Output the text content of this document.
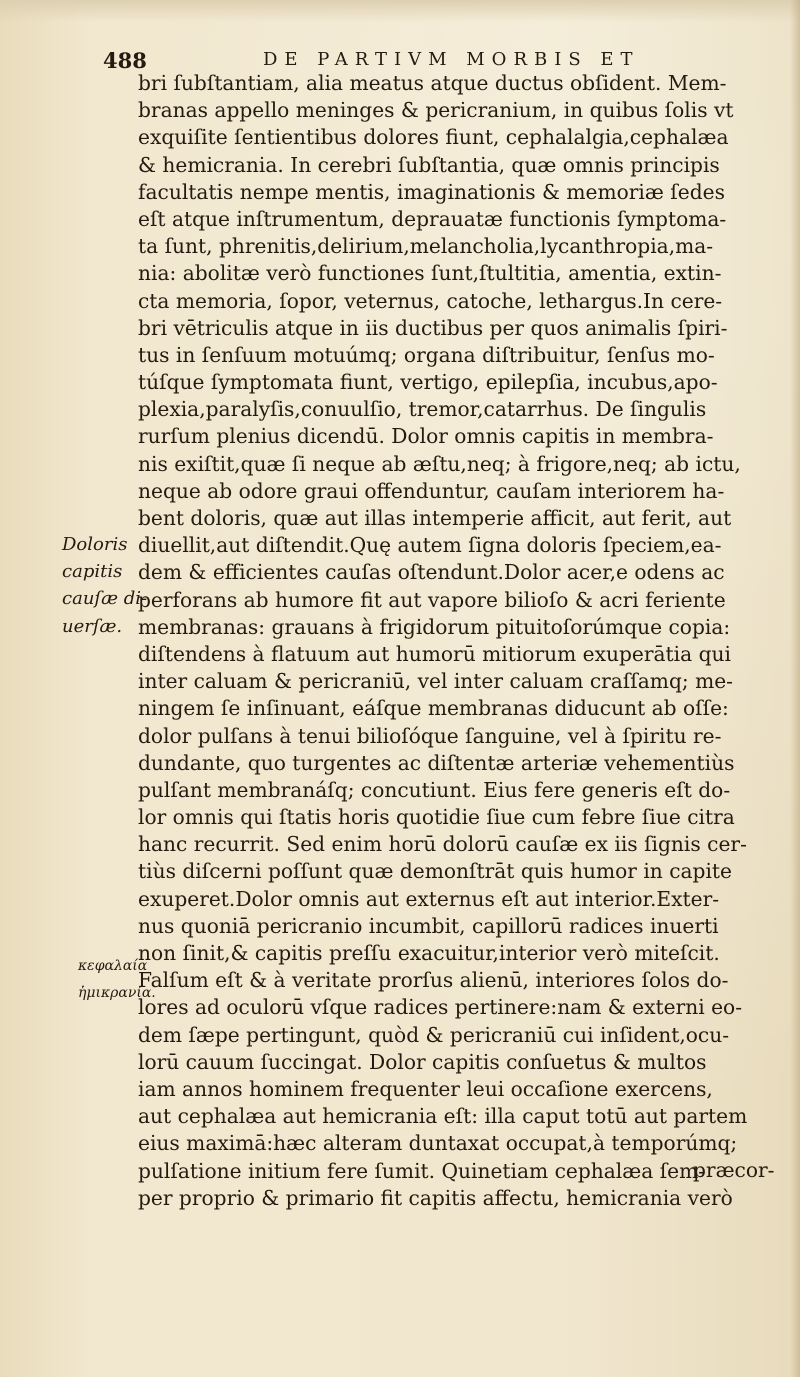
488	DE PARTIVM MORBIS ET
bri ſubſtantiam, alia meatus atque ductus obſident. Mem-
branas appello meninges & pericranium, in quibus ſolis vt
exquiſite ſentientibus dolores fiunt, cephalalgia,cephalæa
& hemicrania. In cerebri ſubſtantia, quæ omnis principis
facultatis nempe mentis, imaginationis & memoriæ ſedes
eſt atque inſtrumentum, deprauatæ functionis ſymptoma-
ta ſunt, phrenitis,delirium,melancholia,lycanthropia,ma-
nia: abolitæ verò functiones ſunt,ſtultitia, amentia, extin-
cta memoria, ſopor, veternus, catoche, lethargus.In cere-
bri vētriculis atque in iis ductibus per quos animalis ſpiri-
tus in ſenſuum motuúmq; organa diſtribuitur, ſenſus mo-
túſque ſymptomata fiunt, vertigo, epilepſia, incubus,apo-
plexia,paralyſis,conuulſio, tremor,catarrhus. De ſingulis
rurſum plenius dicendū. Dolor omnis capitis in membra-
nis exiſtit,quæ ſi neque ab æſtu,neq; à frigore,neq; ab ictu,
neque ab odore graui offenduntur, cauſam interiorem ha-
bent doloris, quæ aut illas intemperie afficit, aut ferit, aut
diuellit,aut diſtendit.Quę autem ſigna doloris ſpeciem,ea-
dem & efficientes cauſas oſtendunt.Dolor acer,e odens ac
perforans ab humore fit aut vapore bilioſo & acri feriente
membranas: grauans à frigidorum pituitoſorúmque copia:
diſtendens à flatuum aut humorū mitiorum exuperātia qui
inter caluam & pericraniū, vel inter caluam craſſamq; me-
ningem ſe inſinuant, eáſque membranas diducunt ab oſſe:
dolor pulſans à tenui bilioſóque ſanguine, vel à ſpiritu re-
dundante, quo turgentes ac diſtentæ arteriæ vehementiùs
pulſant membranáſq; concutiunt. Eius fere generis eſt do-
lor omnis qui ſtatis horis quotidie ſiue cum febre ſiue citra
hanc recurrit. Sed enim horū dolorū cauſæ ex iis ſignis cer-
tiùs diſcerni poſſunt quæ demonſtrāt quis humor in capite
exuperet.Dolor omnis aut externus eſt aut interior.Exter-
nus quoniā pericranio incumbit, capillorū radices inuerti
non ſinit,& capitis preſſu exacuitur,interior verò miteſcit.
Falſum eſt & à veritate prorſus alienū, interiores ſolos do-
lores ad oculorū vſque radices pertinere:nam & externi eo-
dem ſæpe pertingunt, quòd & pericraniū cui inſident,ocu-
lorū cauum ſuccingat. Dolor capitis conſuetus & multos
iam annos hominem frequenter leui occaſione exercens,
aut cephalæa aut hemicrania eſt: illa caput totū aut partem
eius maximā:hæc alteram duntaxat occupat,à temporúmq;
pulſatione initium fere ſumit. Quinetiam cephalæa ſem-
per proprio & primario fit capitis affectu, hemicrania verò
Doloris
capitis
cauſæ di-
uerſæ.
κεφαλαία
ἡμικρανία.
præcor-
